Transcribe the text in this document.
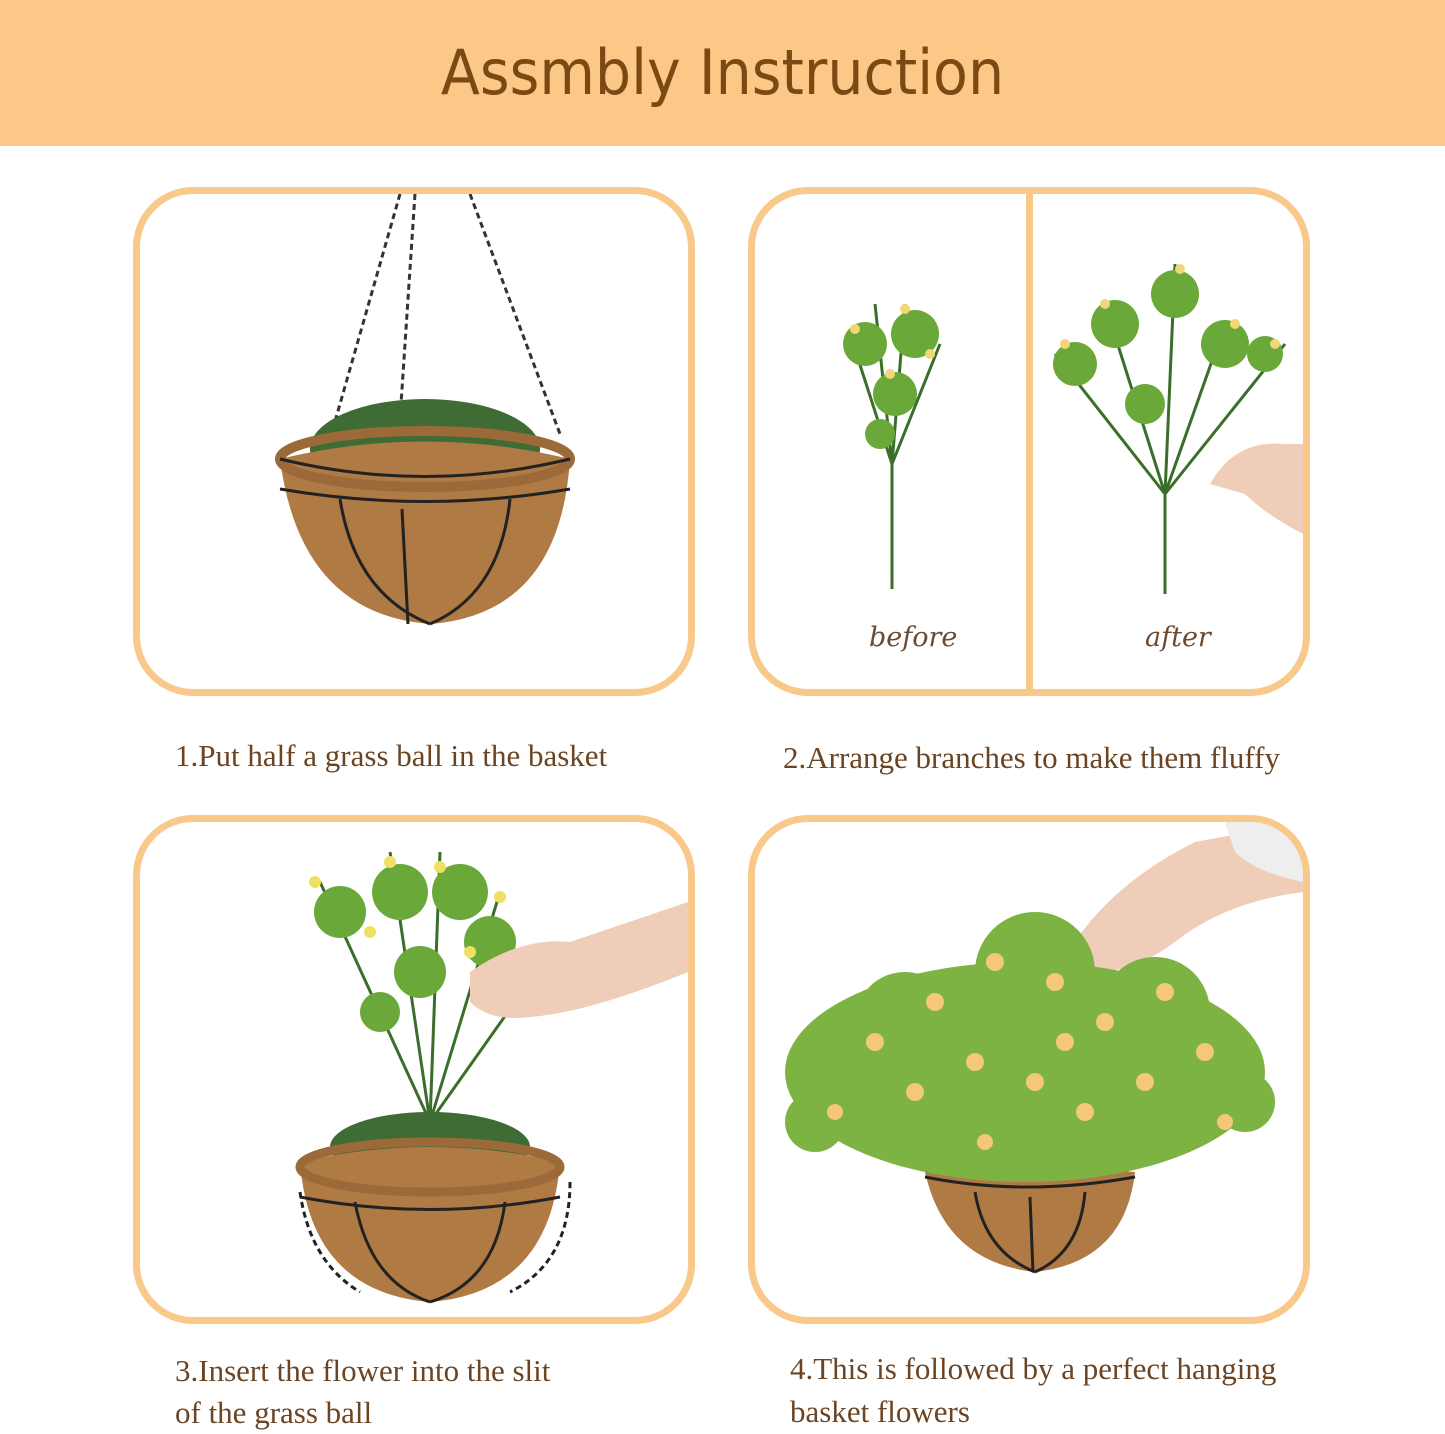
Assmbly Instruction
before	after
1.Put half a grass ball in the basket	2.Arrange branches to make them fluffy
3.Insert the flower into the slit
of the grass ball
4.This is followed by a perfect hanging
basket flowers
